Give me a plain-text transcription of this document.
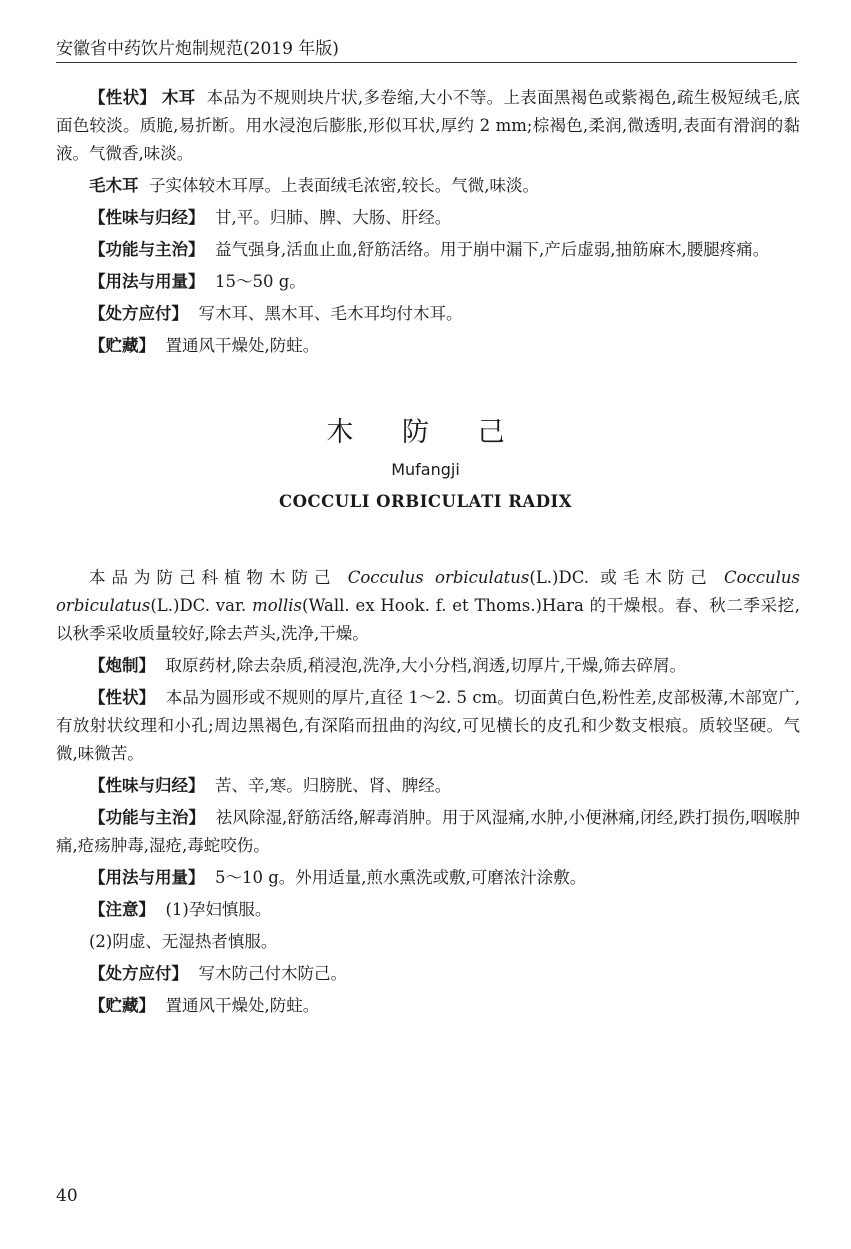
安徽省中药饮片炮制规范(2019 年版)

【性状】 木耳 本品为不规则块片状,多卷缩,大小不等。上表面黑褐色或紫褐色,疏生极短绒毛,底面色较淡。质脆,易折断。用水浸泡后膨胀,形似耳状,厚约 2 mm;棕褐色,柔润,微透明,表面有滑润的黏液。气微香,味淡。

毛木耳 子实体较木耳厚。上表面绒毛浓密,较长。气微,味淡。

【性味与归经】 甘,平。归肺、脾、大肠、肝经。

【功能与主治】 益气强身,活血止血,舒筋活络。用于崩中漏下,产后虚弱,抽筋麻木,腰腿疼痛。

【用法与用量】 15～50 g。

【处方应付】 写木耳、黑木耳、毛木耳均付木耳。

【贮藏】 置通风干燥处,防蛀。

木 防 己
Mufangji
COCCULI ORBICULATI RADIX

本品为防己科植物木防己 Cocculus orbiculatus(L.)DC. 或毛木防己 Cocculus orbiculatus(L.)DC. var. mollis(Wall. ex Hook. f. et Thoms.)Hara 的干燥根。春、秋二季采挖,以秋季采收质量较好,除去芦头,洗净,干燥。

【炮制】 取原药材,除去杂质,稍浸泡,洗净,大小分档,润透,切厚片,干燥,筛去碎屑。

【性状】 本品为圆形或不规则的厚片,直径 1～2. 5 cm。切面黄白色,粉性差,皮部极薄,木部宽广,有放射状纹理和小孔;周边黑褐色,有深陷而扭曲的沟纹,可见横长的皮孔和少数支根痕。质较坚硬。气微,味微苦。

【性味与归经】 苦、辛,寒。归膀胱、肾、脾经。

【功能与主治】 祛风除湿,舒筋活络,解毒消肿。用于风湿痛,水肿,小便淋痛,闭经,跌打损伤,咽喉肿痛,疮疡肿毒,湿疮,毒蛇咬伤。

【用法与用量】 5～10 g。外用适量,煎水熏洗或敷,可磨浓汁涂敷。

【注意】 (1)孕妇慎服。

(2)阴虚、无湿热者慎服。

【处方应付】 写木防己付木防己。

【贮藏】 置通风干燥处,防蛀。

40
